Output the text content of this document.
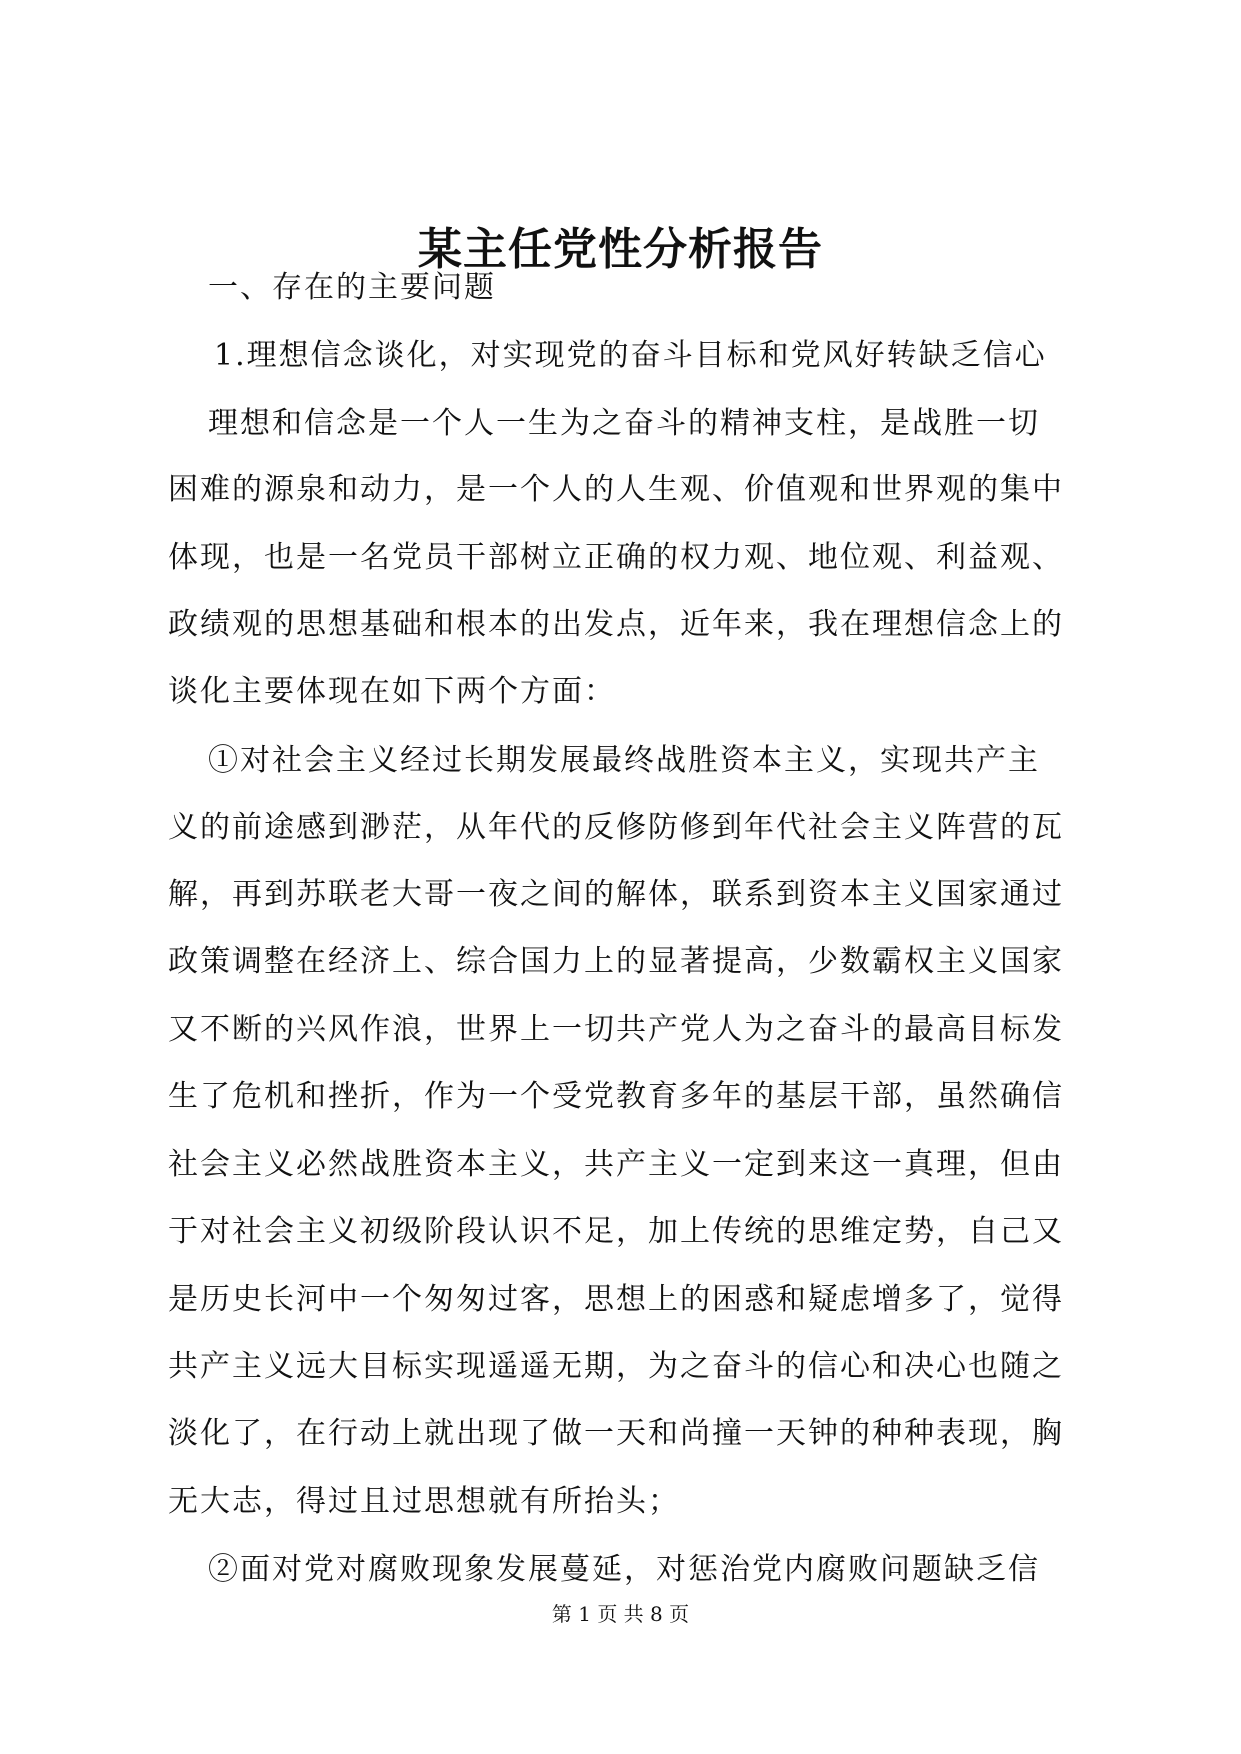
某主任党性分析报告

一、存在的主要问题

1.理想信念谈化，对实现党的奋斗目标和党风好转缺乏信心

理想和信念是一个人一生为之奋斗的精神支柱，是战胜一切

困难的源泉和动力，是一个人的人生观、价值观和世界观的集中

体现，也是一名党员干部树立正确的权力观、地位观、利益观、

政绩观的思想基础和根本的出发点，近年来，我在理想信念上的

谈化主要体现在如下两个方面：

①对社会主义经过长期发展最终战胜资本主义，实现共产主

义的前途感到渺茫，从年代的反修防修到年代社会主义阵营的瓦

解，再到苏联老大哥一夜之间的解体，联系到资本主义国家通过

政策调整在经济上、综合国力上的显著提高，少数霸权主义国家

又不断的兴风作浪，世界上一切共产党人为之奋斗的最高目标发

生了危机和挫折，作为一个受党教育多年的基层干部，虽然确信

社会主义必然战胜资本主义，共产主义一定到来这一真理，但由

于对社会主义初级阶段认识不足，加上传统的思维定势，自己又

是历史长河中一个匆匆过客，思想上的困惑和疑虑增多了，觉得

共产主义远大目标实现遥遥无期，为之奋斗的信心和决心也随之

淡化了，在行动上就出现了做一天和尚撞一天钟的种种表现，胸

无大志，得过且过思想就有所抬头；

②面对党对腐败现象发展蔓延，对惩治党内腐败问题缺乏信

第 1 页 共 8 页
